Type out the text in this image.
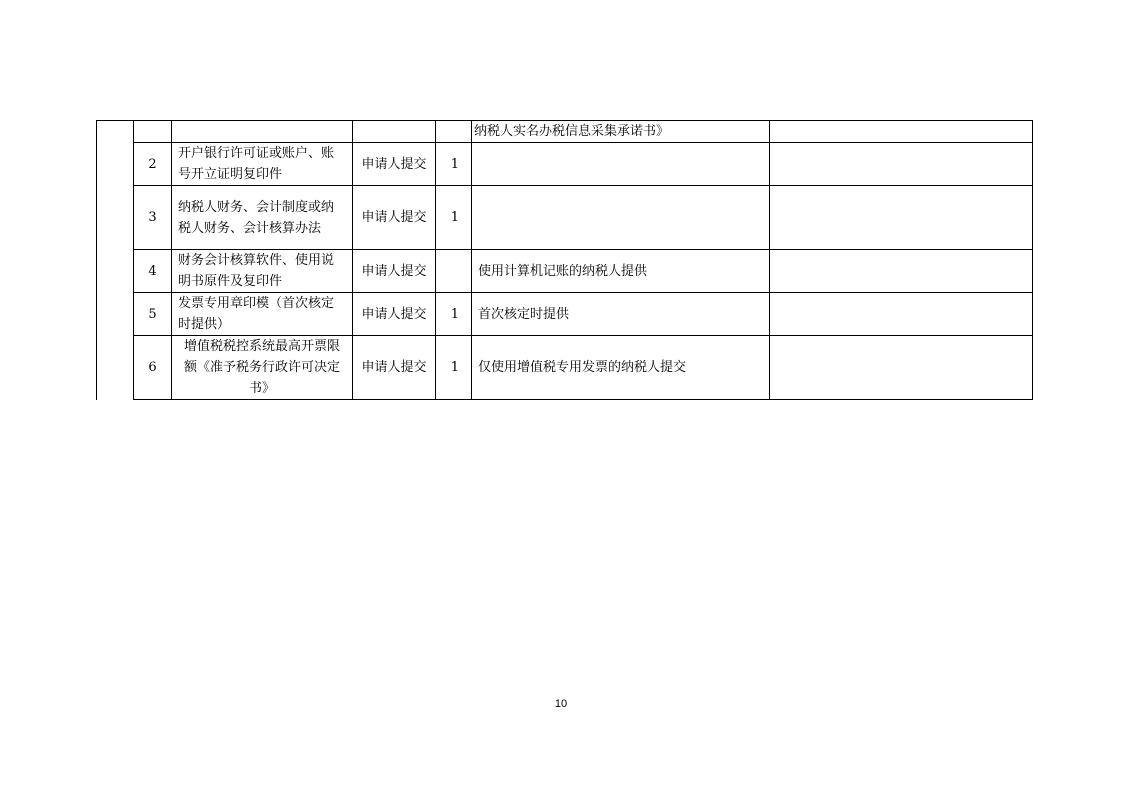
					纳税人实名办税信息采集承诺书》	
	2	开户银行许可证或账户、账号开立证明复印件	申请人提交	1		
	3	纳税人财务、会计制度或纳税人财务、会计核算办法	申请人提交	1		
	4	财务会计核算软件、使用说明书原件及复印件	申请人提交		使用计算机记账的纳税人提供	
	5	发票专用章印模（首次核定时提供）	申请人提交	1	首次核定时提供	
	6	增值税税控系统最高开票限额《准予税务行政许可决定书》	申请人提交	1	仅使用增值税专用发票的纳税人提交	
10
